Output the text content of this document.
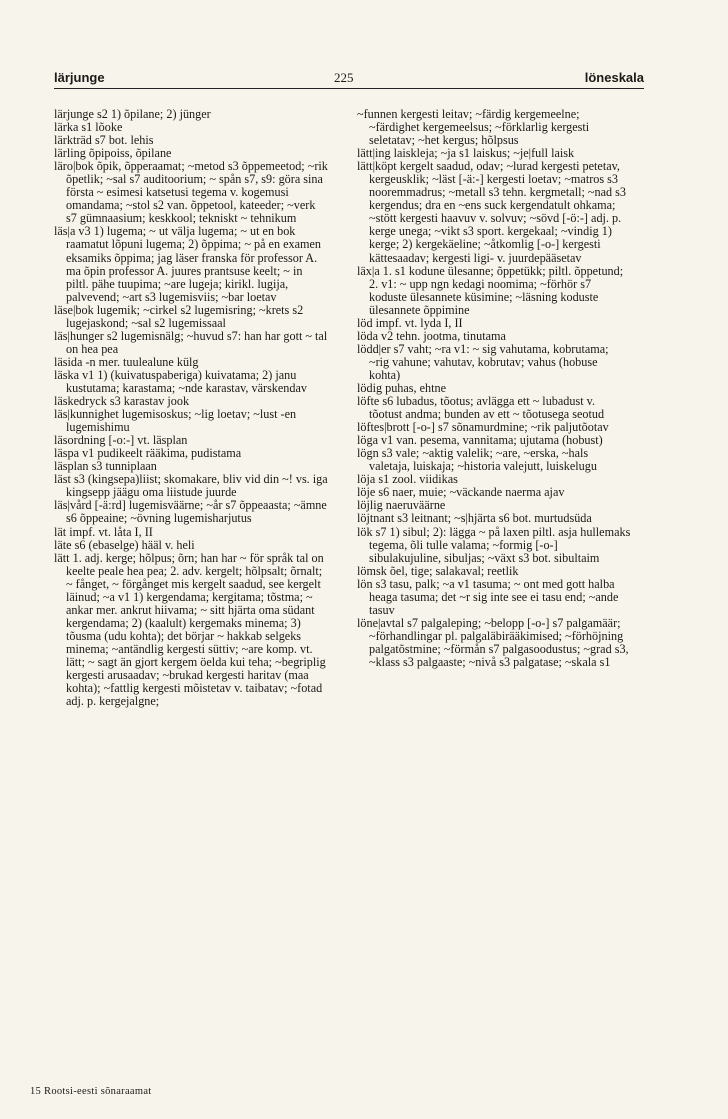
lärjunge	225	löneskala

lärjunge s2 1) õpilane; 2) jünger

lärka s1 lõoke

lärkträd s7 bot. lehis

lärling õpipoiss, õpilane

läro|bok õpik, õpperaamat; ~metod s3 õppemeetod; ~rik õpetlik; ~sal s7 auditoorium; ~ spån s7, s9: göra sina första ~ esimesi katsetusi tegema v. kogemusi omandama; ~stol s2 van. õppetool, kateeder; ~verk s7 gümnaasium; keskkool; tekniskt ~ tehnikum

läs|a v3 1) lugema; ~ ut välja lugema; ~ ut en bok raamatut lõpuni lugema; 2) õppima; ~ på en examen eksamiks õppima; jag läser franska för professor A. ma õpin professor A. juures prantsuse keelt; ~ in piltl. pähe tuupima; ~are lugeja; kirikl. lugija, palvevend; ~art s3 lugemisviis; ~bar loetav

läse|bok lugemik; ~cirkel s2 lugemisring; ~krets s2 lugejaskond; ~sal s2 lugemissaal

läs|hunger s2 lugemisnälg; ~huvud s7: han har gott ~ tal on hea pea

läsida -n mer. tuulealune külg

läska v1 1) (kuivatuspaberiga) kuivatama; 2) janu kustutama; karastama; ~nde karastav, värskendav

läskedryck s3 karastav jook

läs|kunnighet lugemisoskus; ~lig loetav; ~lust -en lugemishimu

läsordning [-o:-] vt. läsplan

läspa v1 pudikeelt rääkima, pudistama

läsplan s3 tunniplaan

läst s3 (kingsepa)liist; skomakare, bliv vid din ~! vs. iga kingsepp jäägu oma liistude juurde

läs|vård [-ä:rd] lugemisväärne; ~år s7 õppeaasta; ~ämne s6 õppeaine; ~övning lugemisharjutus

lät impf. vt. låta I, II

läte s6 (ebaselge) hääl v. heli

lätt 1. adj. kerge; hõlpus; õrn; han har ~ för språk tal on keelte peale hea pea; 2. adv. kergelt; hõlpsalt; õrnalt; ~ fånget, ~ förgånget mis kergelt saadud, see kergelt läinud; ~a v1 1) kergendama; kergitama; tõstma; ~ ankar mer. ankrut hiivama; ~ sitt hjärta oma südant kergendama; 2) (kaalult) kergemaks minema; 3) tõusma (udu kohta); det börjar ~ hakkab selgeks minema; ~antändlig kergesti süttiv; ~are komp. vt. lätt; ~ sagt än gjort kergem öelda kui teha; ~begriplig kergesti arusaadav; ~brukad kergesti haritav (maa kohta); ~fattlig kergesti mõistetav v. taibatav; ~fotad adj. p. kergejalgne;

~funnen kergesti leitav; ~färdig kergemeelne; ~färdighet kergemeelsus; ~förklarlig kergesti seletatav; ~het kergus; hõlpsus

lätt|ing laiskleja; ~ja s1 laiskus; ~je|full laisk

lätt|köpt kergelt saadud, odav; ~lurad kergesti petetav, kergeusklik; ~läst [-ä:-] kergesti loetav; ~matros s3 nooremmadrus; ~metall s3 tehn. kergmetall; ~nad s3 kergendus; dra en ~ens suck kergendatult ohkama; ~stött kergesti haavuv v. solvuv; ~sövd [-ö:-] adj. p. kerge unega; ~vikt s3 sport. kergekaal; ~vindig 1) kerge; 2) kergekäeline; ~åtkomlig [-o-] kergesti kättesaadav; kergesti ligi- v. juurdepääsetav

läx|a 1. s1 kodune ülesanne; õppetükk; piltl. õppetund; 2. v1: ~ upp ngn kedagi noomima; ~förhör s7 koduste ülesannete küsimine; ~läsning koduste ülesannete õppimine

löd impf. vt. lyda I, II

löda v2 tehn. jootma, tinutama

lödd|er s7 vaht; ~ra v1: ~ sig vahutama, kobrutama; ~rig vahune; vahutav, kobrutav; vahus (hobuse kohta)

lödig puhas, ehtne

löfte s6 lubadus, tõotus; avlägga ett ~ lubadust v. tõotust andma; bunden av ett ~ tõotusega seotud

löftes|brott [-o-] s7 sõnamurdmine; ~rik paljutõotav

löga v1 van. pesema, vannitama; ujutama (hobust)

lögn s3 vale; ~aktig valelik; ~are, ~erska, ~hals valetaja, luiskaja; ~historia valejutt, luiskelugu

löja s1 zool. viidikas

löje s6 naer, muie; ~väckande naerma ajav

löjlig naeruväärne

löjtnant s3 leitnant; ~s|hjärta s6 bot. murtudsüda

lök s7 1) sibul; 2): lägga ~ på laxen piltl. asja hullemaks tegema, õli tulle valama; ~formig [-o-] sibulakujuline, sibuljas; ~växt s3 bot. sibultaim

lömsk õel, tige; salakaval; reetlik

lön s3 tasu, palk; ~a v1 tasuma; ~ ont med gott halba heaga tasuma; det ~r sig inte see ei tasu end; ~ande tasuv

löne|avtal s7 palgaleping; ~belopp [-o-] s7 palgamäär; ~förhandlingar pl. palgaläbirääkimised; ~förhöjning palgatõstmine; ~förmån s7 palgasoodustus; ~grad s3, ~klass s3 palgaaste; ~nivå s3 palgatase; ~skala s1

15 Rootsi-eesti sõnaraamat
